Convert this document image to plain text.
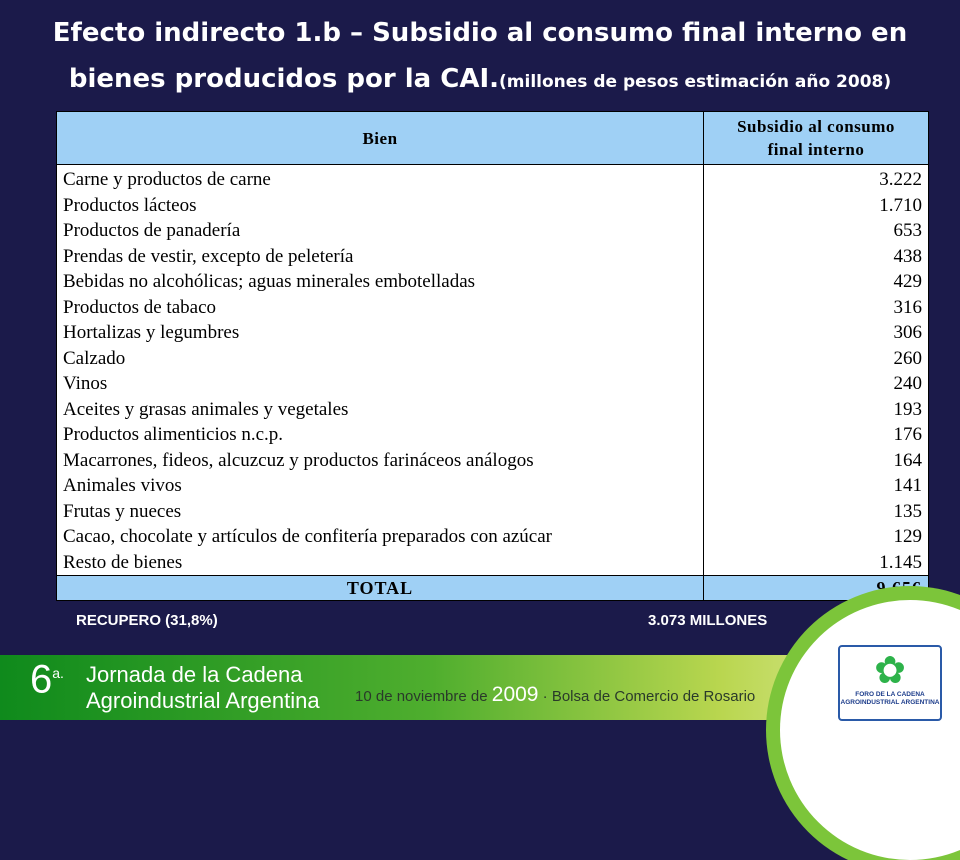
Efecto indirecto 1.b – Subsidio al consumo final interno en
bienes producidos por la CAI.(millones de pesos estimación año 2008)
Bien	Subsidio al consumo
final interno

Carne y productos de carne	3.222
Productos lácteos	1.710
Productos de panadería	653
Prendas de vestir, excepto de peletería	438
Bebidas no alcohólicas; aguas minerales embotelladas	429
Productos de tabaco	316
Hortalizas y legumbres	306
Calzado	260
Vinos	240
Aceites y grasas animales y vegetales	193
Productos alimenticios n.c.p.	176
Macarrones, fideos, alcuzcuz y productos farináceos análogos	164
Animales vivos	141
Frutas y nueces	135
Cacao, chocolate y artículos de confitería preparados con azúcar	129
Resto de bienes	1.145
TOTAL	9.656
RECUPERO (31,8%)	3.073 MILLONES
$6^{a.}$ Jornada de la Cadena
Agroindustrial Argentina 10 de noviembre de 2009 · Bolsa de Comercio de Rosario
✿
FORO DE LA CADENA
AGROINDUSTRIAL ARGENTINA
